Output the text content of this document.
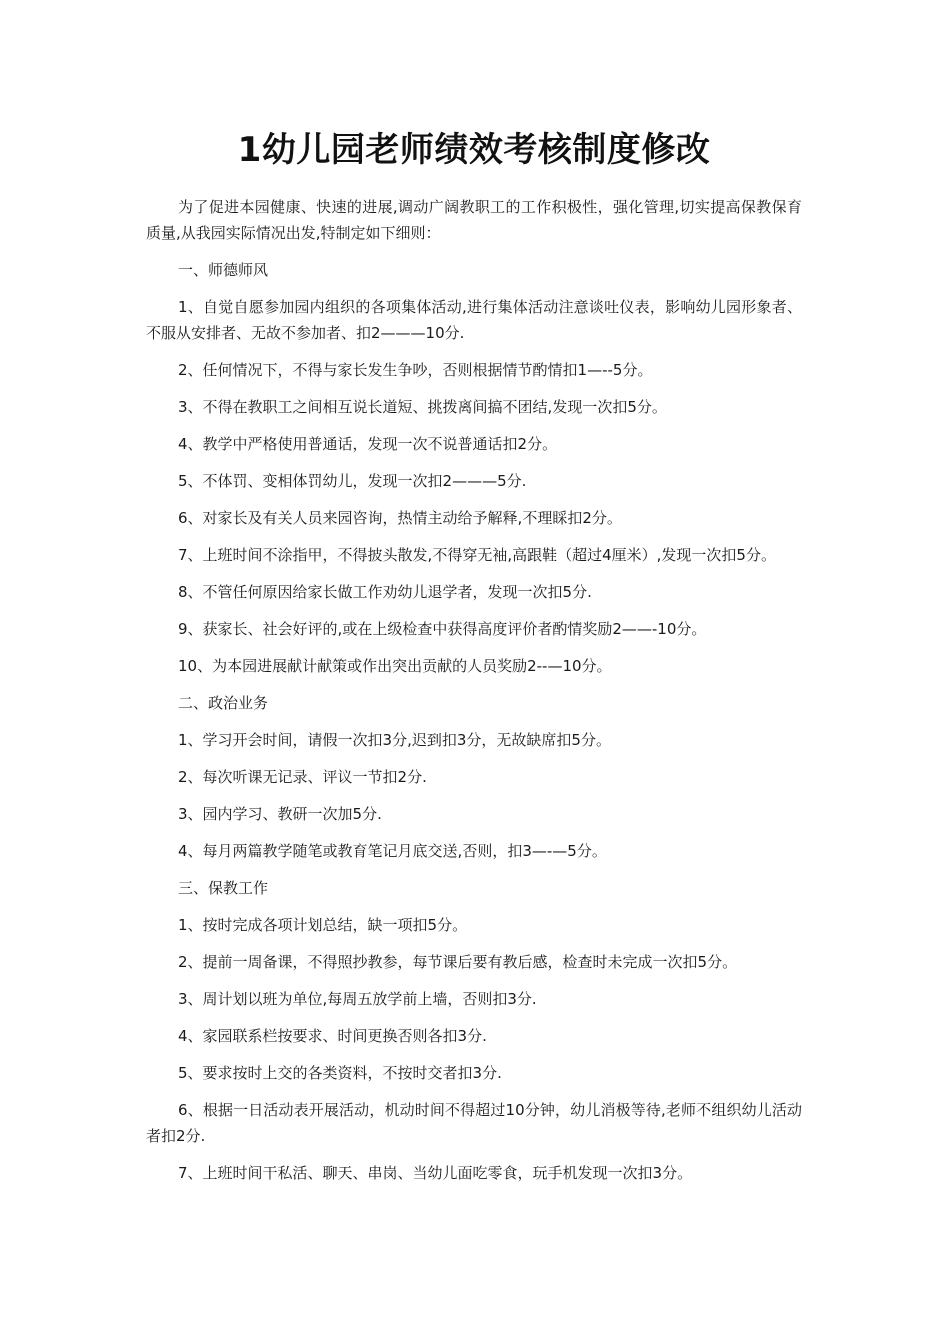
1幼儿园老师绩效考核制度修改

为了促进本园健康、快速的进展,调动广阔教职工的工作积极性，强化管理,切实提高保教保育质量,从我园实际情况出发,特制定如下细则：

一、师德师风

1、自觉自愿参加园内组织的各项集体活动,进行集体活动注意谈吐仪表，影响幼儿园形象者、不服从安排者、无故不参加者、扣2———10分.

2、任何情况下，不得与家长发生争吵，否则根据情节酌情扣1—--5分。

3、不得在教职工之间相互说长道短、挑拨离间搞不团结,发现一次扣5分。

4、教学中严格使用普通话，发现一次不说普通话扣2分。

5、不体罚、变相体罚幼儿，发现一次扣2———5分.

6、对家长及有关人员来园咨询，热情主动给予解释,不理睬扣2分。

7、上班时间不涂指甲，不得披头散发,不得穿无袖,高跟鞋（超过4厘米）,发现一次扣5分。

8、不管任何原因给家长做工作劝幼儿退学者，发现一次扣5分.

9、获家长、社会好评的,或在上级检查中获得高度评价者酌情奖励2——-10分。

10、为本园进展献计献策或作出突出贡献的人员奖励2-‐—10分。

二、政治业务

1、学习开会时间，请假一次扣3分,迟到扣3分，无故缺席扣5分。

2、每次听课无记录、评议一节扣2分.

3、园内学习、教研一次加5分.

4、每月两篇教学随笔或教育笔记月底交送,否则，扣3—‐—5分。

三、保教工作

1、按时完成各项计划总结，缺一项扣5分。

2、提前一周备课，不得照抄教参，每节课后要有教后感，检查时未完成一次扣5分。

3、周计划以班为单位,每周五放学前上墙，否则扣3分.

4、家园联系栏按要求、时间更换否则各扣3分.

5、要求按时上交的各类资料，不按时交者扣3分.

6、根据一日活动表开展活动，机动时间不得超过10分钟，幼儿消极等待,老师不组织幼儿活动者扣2分.

7、上班时间干私活、聊天、串岗、当幼儿面吃零食，玩手机发现一次扣3分。
